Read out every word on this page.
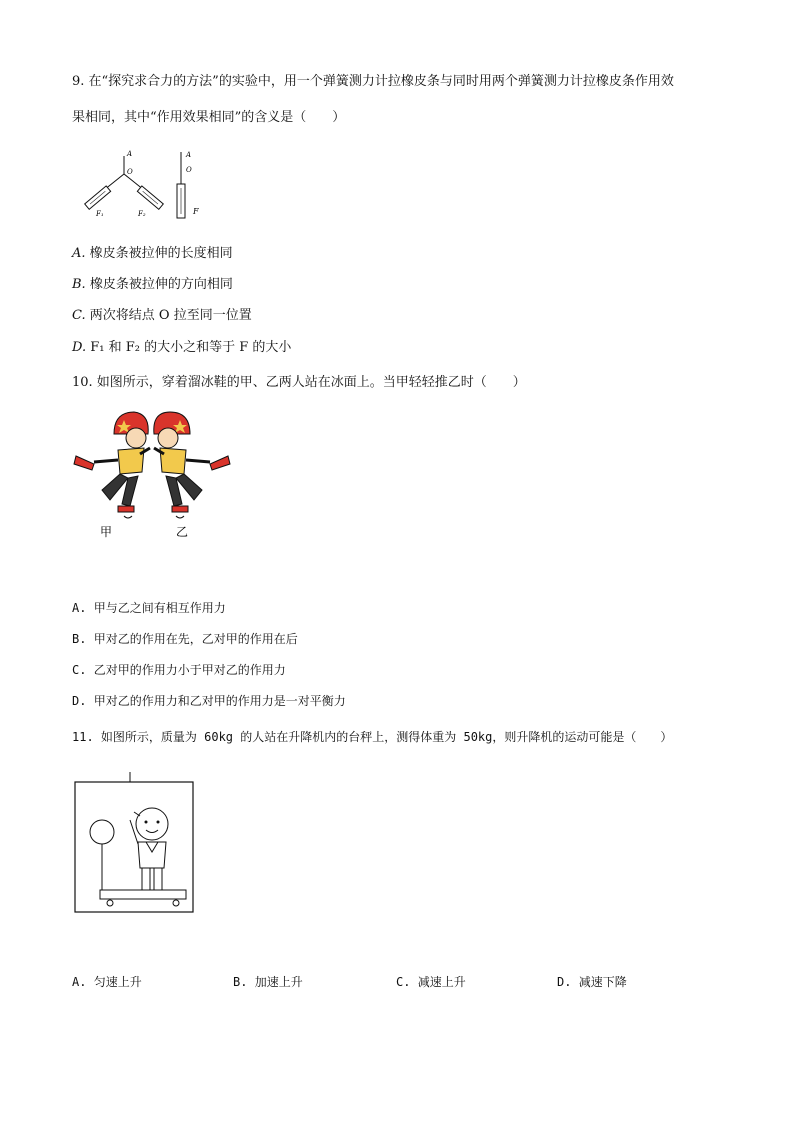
9. 在“探究求合力的方法”的实验中，用一个弹簧测力计拉橡皮条与同时用两个弹簧测力计拉橡皮条作用效
果相同，其中“作用效果相同”的含义是（　　）
A
O
F₁	F₂
A
O
F
A. 橡皮条被拉伸的长度相同
B. 橡皮条被拉伸的方向相同
C. 两次将结点 O 拉至同一位置
D. F₁ 和 F₂ 的大小之和等于 F 的大小
10. 如图所示，穿着溜冰鞋的甲、乙两人站在冰面上。当甲轻轻推乙时（　　）
甲	乙
A. 甲与乙之间有相互作用力
B. 甲对乙的作用在先，乙对甲的作用在后
C. 乙对甲的作用力小于甲对乙的作用力
D. 甲对乙的作用力和乙对甲的作用力是一对平衡力
11. 如图所示，质量为 60kg 的人站在升降机内的台秤上，测得体重为 50kg，则升降机的运动可能是（　　）
A. 匀速上升	B. 加速上升	C. 减速上升	D. 减速下降
